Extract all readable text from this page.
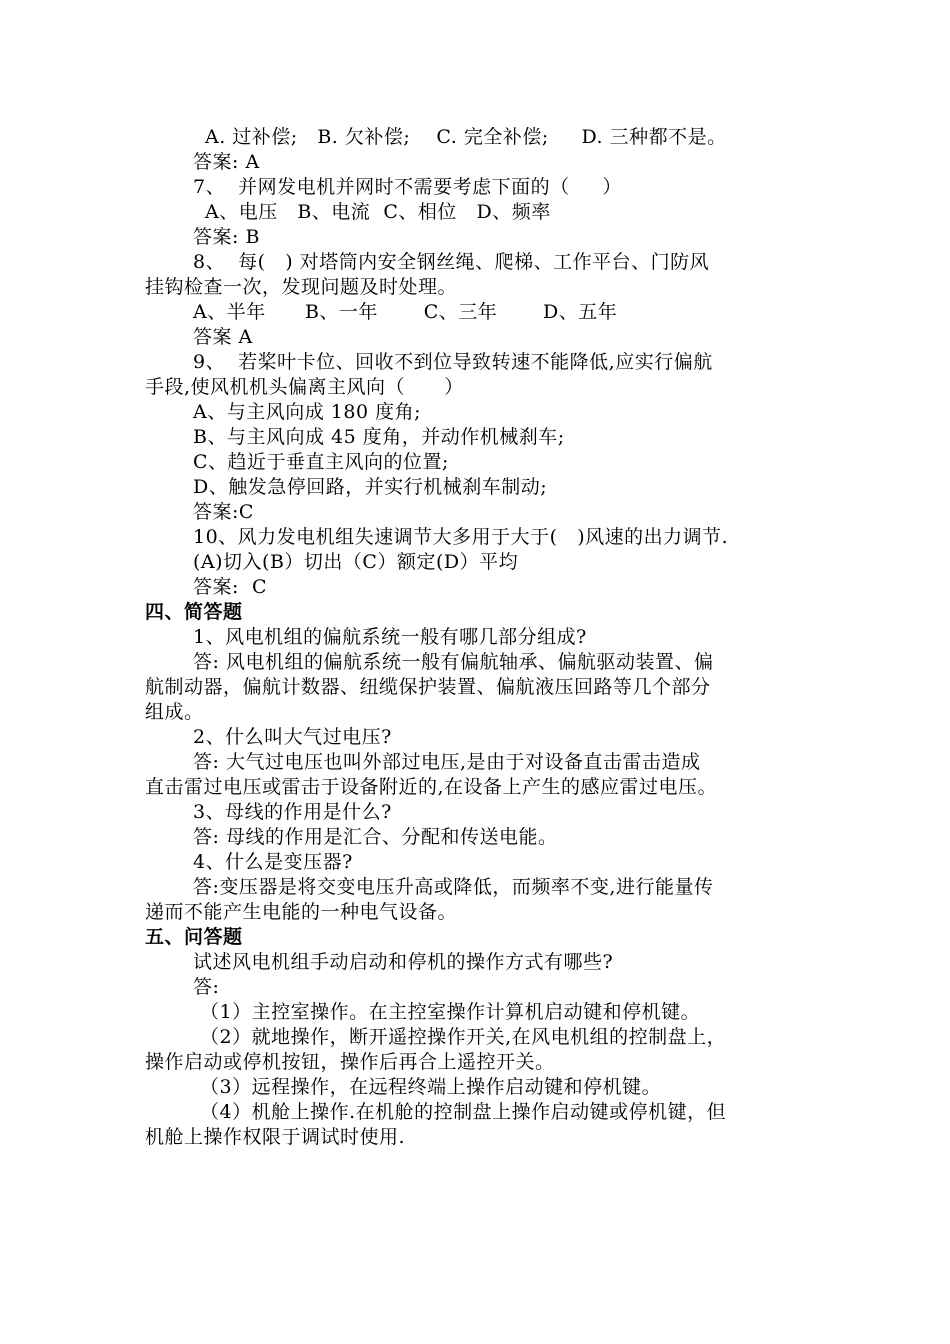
A. 过补偿;   B. 欠补偿;    C. 完全补偿;     D. 三种都不是。
答案: A
7、  并网发电机并网时不需要考虑下面的（     ）
A、电压   B、电流  C、相位   D、频率
答案: B
8、  每(   ) 对塔筒内安全钢丝绳、爬梯、工作平台、门防风
挂钩检查一次，发现问题及时处理。
A、半年      B、一年       C、三年       D、五年
答案 A
9、  若桨叶卡位、回收不到位导致转速不能降低,应实行偏航
手段,使风机机头偏离主风向（      ）
A、与主风向成 180 度角;
B、与主风向成 45 度角，并动作机械刹车;
C、趋近于垂直主风向的位置;
D、触发急停回路，并实行机械刹车制动;
答案:C
10、风力发电机组失速调节大多用于大于(   )风速的出力调节.
(A)切入(B）切出（C）额定(D）平均
答案:  C
四、简答题
1、风电机组的偏航系统一般有哪几部分组成?
答: 风电机组的偏航系统一般有偏航轴承、偏航驱动装置、偏
航制动器，偏航计数器、纽缆保护装置、偏航液压回路等几个部分
组成。
2、什么叫大气过电压?
答: 大气过电压也叫外部过电压,是由于对设备直击雷击造成
直击雷过电压或雷击于设备附近的,在设备上产生的感应雷过电压。
3、母线的作用是什么?
答: 母线的作用是汇合、分配和传送电能。
4、什么是变压器?
答:变压器是将交变电压升高或降低，而频率不变,进行能量传
递而不能产生电能的一种电气设备。
五、问答题
试述风电机组手动启动和停机的操作方式有哪些?
答:
（1）主控室操作。在主控室操作计算机启动键和停机键。
（2）就地操作，断开遥控操作开关,在风电机组的控制盘上，
操作启动或停机按钮，操作后再合上遥控开关。
（3）远程操作，在远程终端上操作启动键和停机键。
（4）机舱上操作.在机舱的控制盘上操作启动键或停机键，但
机舱上操作权限于调试时使用.
